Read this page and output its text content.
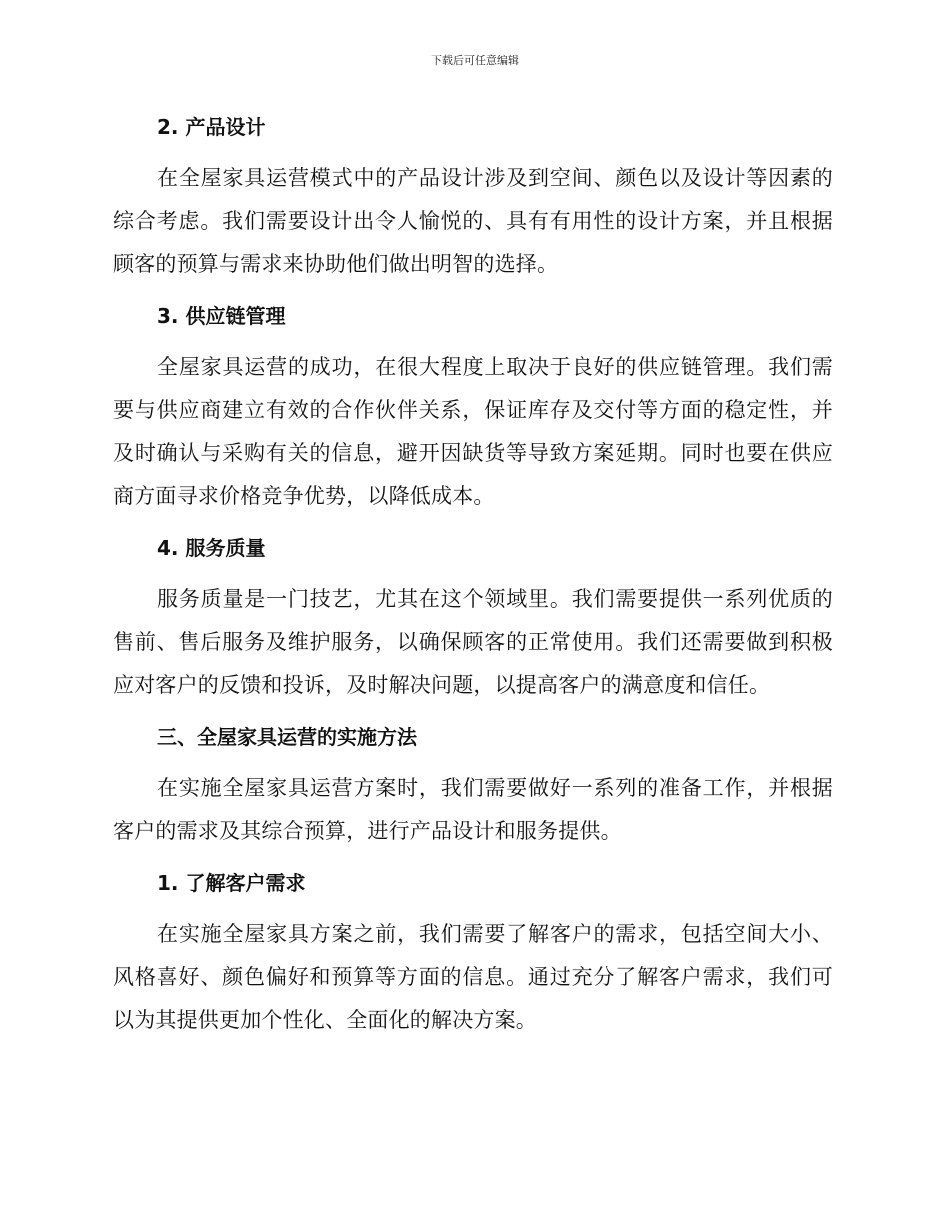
下载后可任意编辑
2. 产品设计

在全屋家具运营模式中的产品设计涉及到空间、颜色以及设计等因素的综合考虑。我们需要设计出令人愉悦的、具有有用性的设计方案，并且根据顾客的预算与需求来协助他们做出明智的选择。

3. 供应链管理

全屋家具运营的成功，在很大程度上取决于良好的供应链管理。我们需要与供应商建立有效的合作伙伴关系，保证库存及交付等方面的稳定性，并及时确认与采购有关的信息，避开因缺货等导致方案延期。同时也要在供应商方面寻求价格竞争优势，以降低成本。

4. 服务质量

服务质量是一门技艺，尤其在这个领域里。我们需要提供一系列优质的售前、售后服务及维护服务，以确保顾客的正常使用。我们还需要做到积极应对客户的反馈和投诉，及时解决问题，以提高客户的满意度和信任。

三、全屋家具运营的实施方法

在实施全屋家具运营方案时，我们需要做好一系列的准备工作，并根据客户的需求及其综合预算，进行产品设计和服务提供。

1. 了解客户需求

在实施全屋家具方案之前，我们需要了解客户的需求，包括空间大小、风格喜好、颜色偏好和预算等方面的信息。通过充分了解客户需求，我们可以为其提供更加个性化、全面化的解决方案。
